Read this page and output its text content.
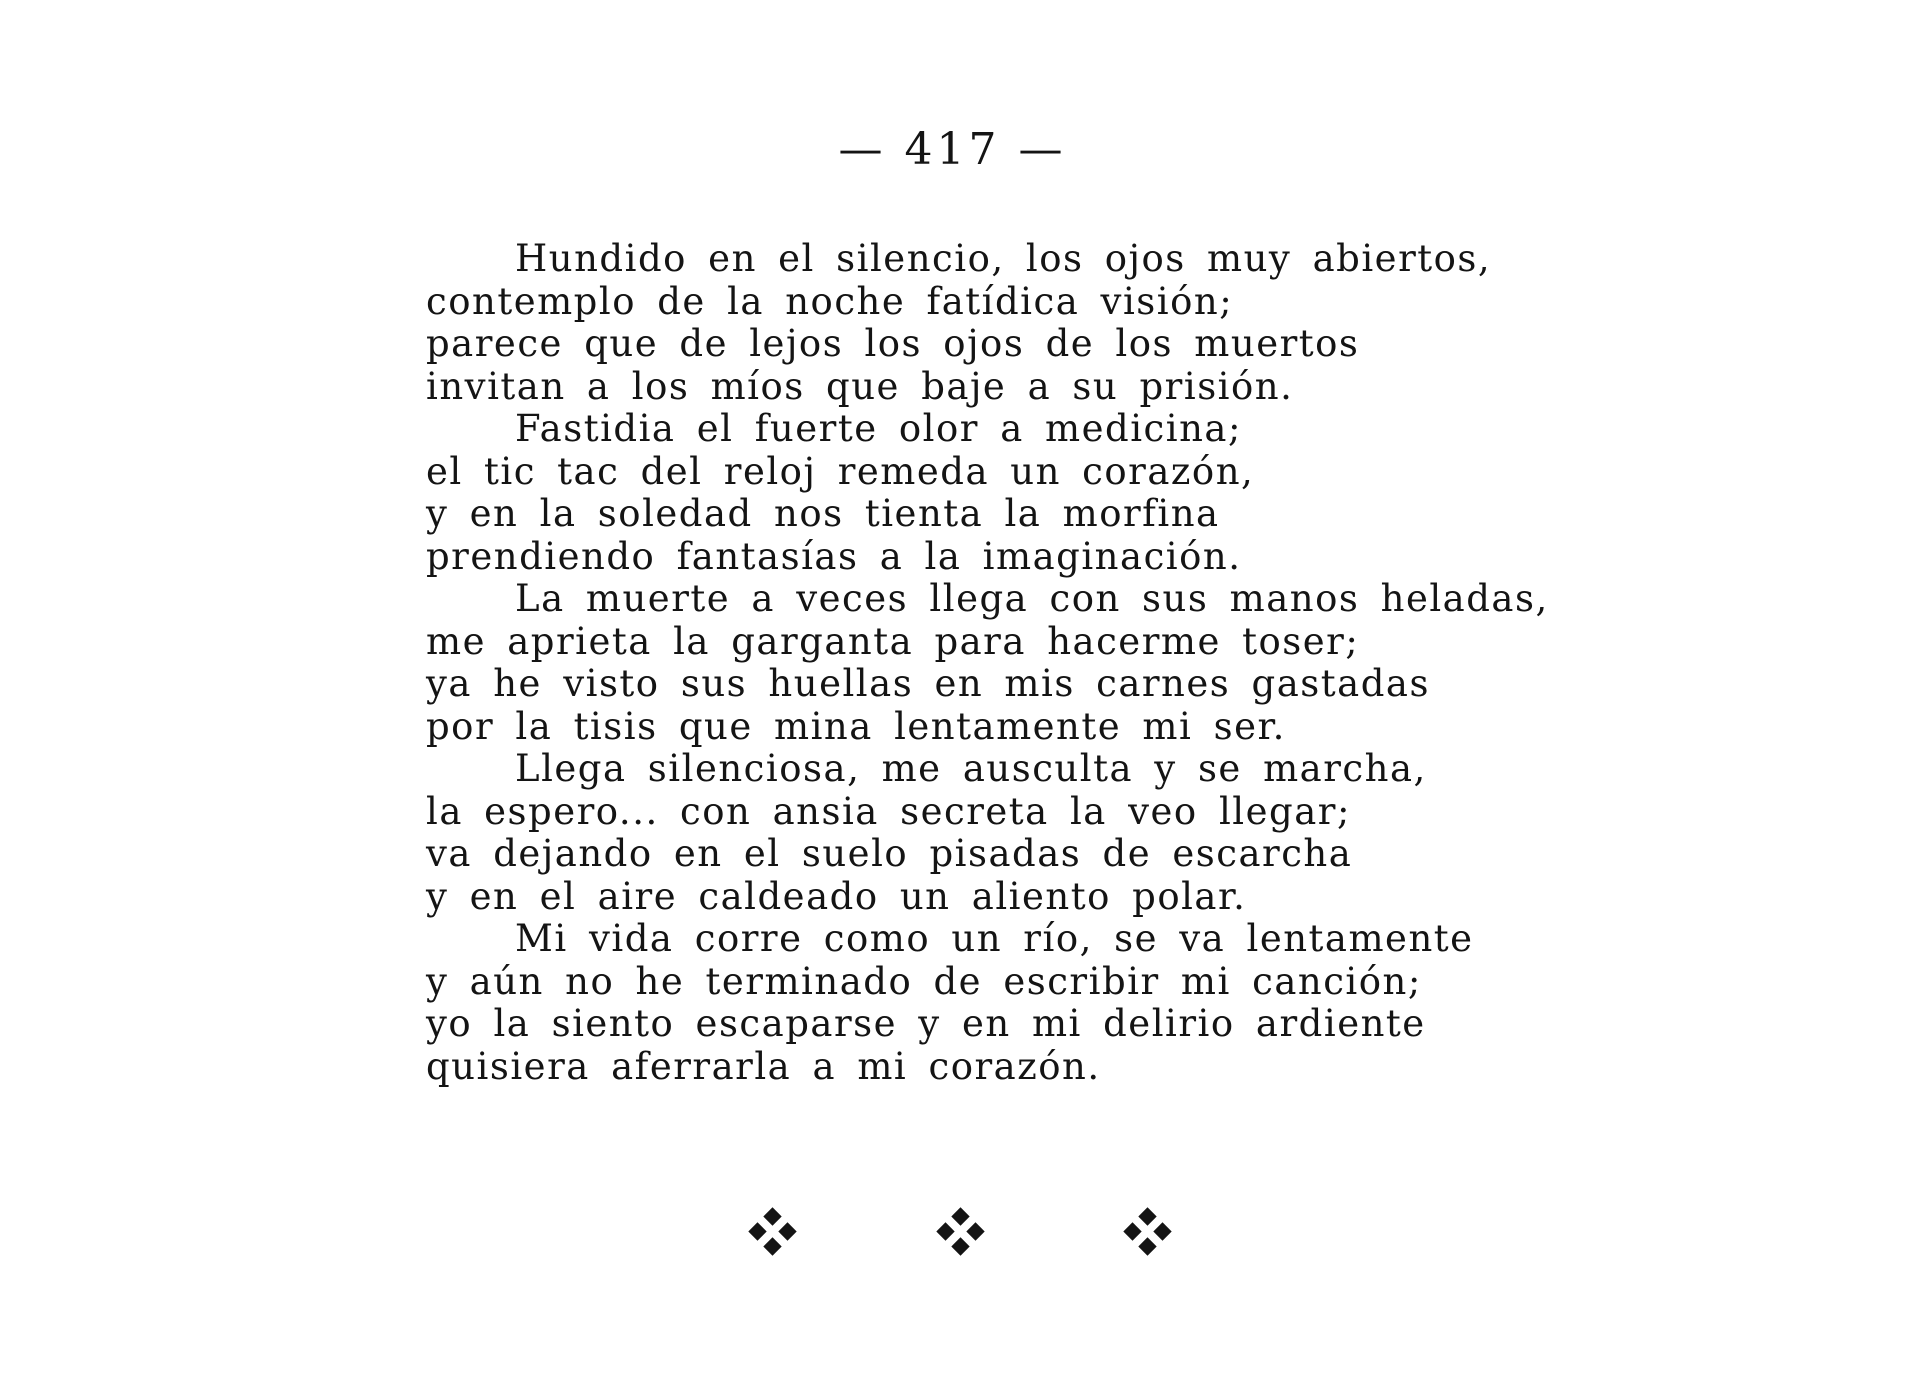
— 417 —
Hundido en el silencio, los ojos muy abiertos,
contemplo de la noche fatídica visión;
parece que de lejos los ojos de los muertos
invitan a los míos que baje a su prisión.
Fastidia el fuerte olor a medicina;
el tic tac del reloj remeda un corazón,
y en la soledad nos tienta la morfina
prendiendo fantasías a la imaginación.
La muerte a veces llega con sus manos heladas,
me aprieta la garganta para hacerme toser;
ya he visto sus huellas en mis carnes gastadas
por la tisis que mina lentamente mi ser.
Llega silenciosa, me ausculta y se marcha,
la espero... con ansia secreta la veo llegar;
va dejando en el suelo pisadas de escarcha
y en el aire caldeado un aliento polar.
Mi vida corre como un río, se va lentamente
y aún no he terminado de escribir mi canción;
yo la siento escaparse y en mi delirio ardiente
quisiera aferrarla a mi corazón.
